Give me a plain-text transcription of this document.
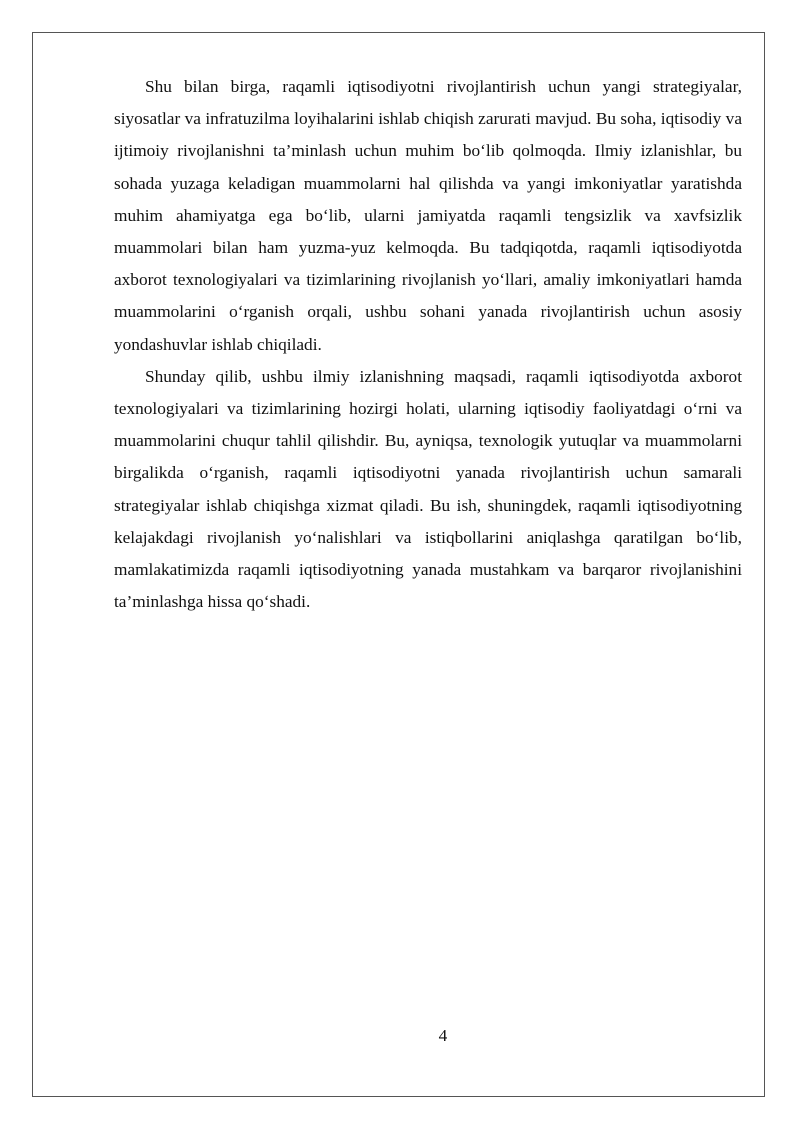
Shu bilan birga, raqamli iqtisodiyotni rivojlantirish uchun yangi strategiyalar, siyosatlar va infratuzilma loyihalarini ishlab chiqish zarurati mavjud. Bu soha, iqtisodiy va ijtimoiy rivojlanishni ta’minlash uchun muhim bo‘lib qolmoqda. Ilmiy izlanishlar, bu sohada yuzaga keladigan muammolarni hal qilishda va yangi imkoniyatlar yaratishda muhim ahamiyatga ega bo‘lib, ularni jamiyatda raqamli tengsizlik va xavfsizlik muammolari bilan ham yuzma-yuz kelmoqda. Bu tadqiqotda, raqamli iqtisodiyotda axborot texnologiyalari va tizimlarining rivojlanish yo‘llari, amaliy imkoniyatlari hamda muammolarini o‘rganish orqali, ushbu sohani yanada rivojlantirish uchun asosiy yondashuvlar ishlab chiqiladi.

Shunday qilib, ushbu ilmiy izlanishning maqsadi, raqamli iqtisodiyotda axborot texnologiyalari va tizimlarining hozirgi holati, ularning iqtisodiy faoliyatdagi o‘rni va muammolarini chuqur tahlil qilishdir. Bu, ayniqsa, texnologik yutuqlar va muammolarni birgalikda o‘rganish, raqamli iqtisodiyotni yanada rivojlantirish uchun samarali strategiyalar ishlab chiqishga xizmat qiladi. Bu ish, shuningdek, raqamli iqtisodiyotning kelajakdagi rivojlanish yo‘nalishlari va istiqbollarini aniqlashga qaratilgan bo‘lib, mamlakatimizda raqamli iqtisodiyotning yanada mustahkam va barqaror rivojlanishini ta’minlashga hissa qo‘shadi.

4
